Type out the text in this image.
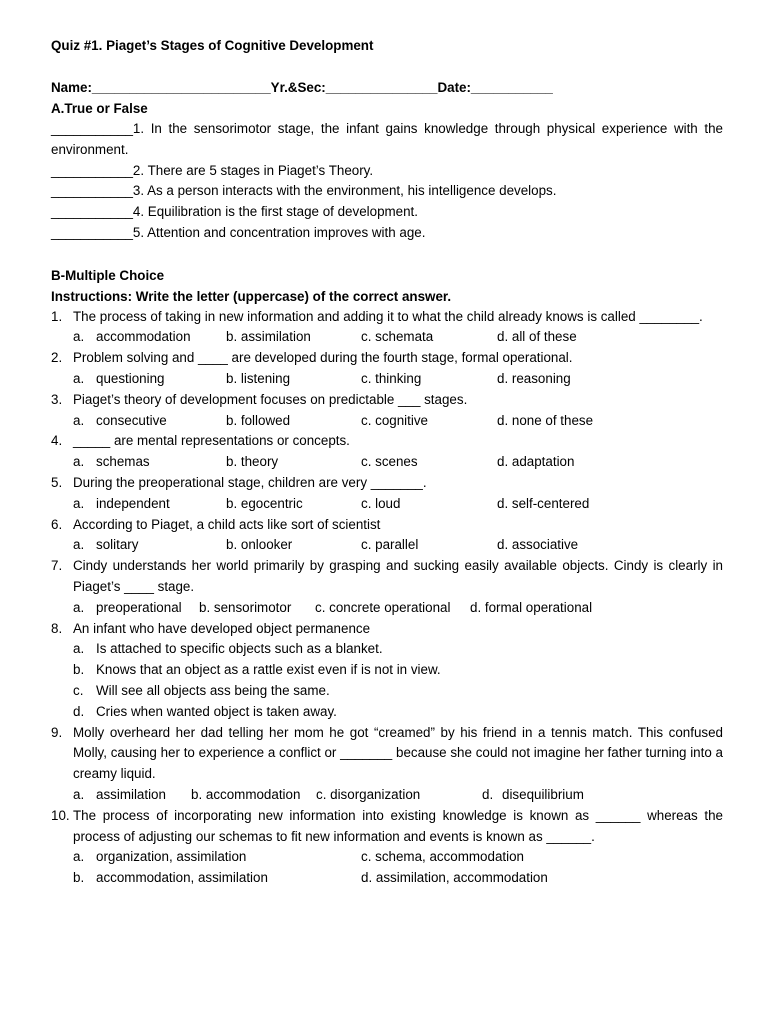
Quiz #1. Piaget’s Stages of Cognitive Development
Name:________________________Yr.&Sec:_______________Date:___________
A.True or False
___________1. In the sensorimotor stage, the infant gains knowledge through physical experience with the environment.
___________2. There are 5 stages in Piaget’s Theory.
___________3. As a person interacts with the environment, his intelligence develops.
___________4. Equilibration is the first stage of development.
___________5. Attention and concentration improves with age.
B-Multiple Choice
Instructions: Write the letter (uppercase) of the correct answer.
1. The process of taking in new information and adding it to what the child already knows is called ________.
a. accommodation	b. assimilation	c. schemata	d. all of these
2. Problem solving and ____ are developed during the fourth stage, formal operational.
a. questioning	b. listening	c. thinking	d. reasoning
3. Piaget’s theory of development focuses on predictable ___ stages.
a. consecutive	b. followed	c. cognitive	d. none of these
4. _____ are mental representations or concepts.
a. schemas	b. theory	c. scenes	d. adaptation
5. During the preoperational stage, children are very _______.
a. independent	b. egocentric	c. loud	d. self-centered
6. According to Piaget, a child acts like sort of scientist
a. solitary	b. onlooker	c. parallel	d. associative
7. Cindy understands her world primarily by grasping and sucking easily available objects. Cindy is clearly in Piaget’s ____ stage.
a. preoperational b. sensorimotor c. concrete operational d. formal operational
8. An infant who have developed object permanence
a. Is attached to specific objects such as a blanket.
b. Knows that an object as a rattle exist even if is not in view.
c. Will see all objects ass being the same.
d. Cries when wanted object is taken away.
9. Molly overheard her dad telling her mom he got “creamed” by his friend in a tennis match. This confused Molly, causing her to experience a conflict or _______ because she could not imagine her father turning into a creamy liquid.
a. assimilation b. accommodation c. disorganization	d. disequilibrium
10. The process of incorporating new information into existing knowledge is known as ______ whereas the process of adjusting our schemas to fit new information and events is known as ______.
a. organization, assimilation	c. schema, accommodation
b. accommodation, assimilation	d. assimilation, accommodation
